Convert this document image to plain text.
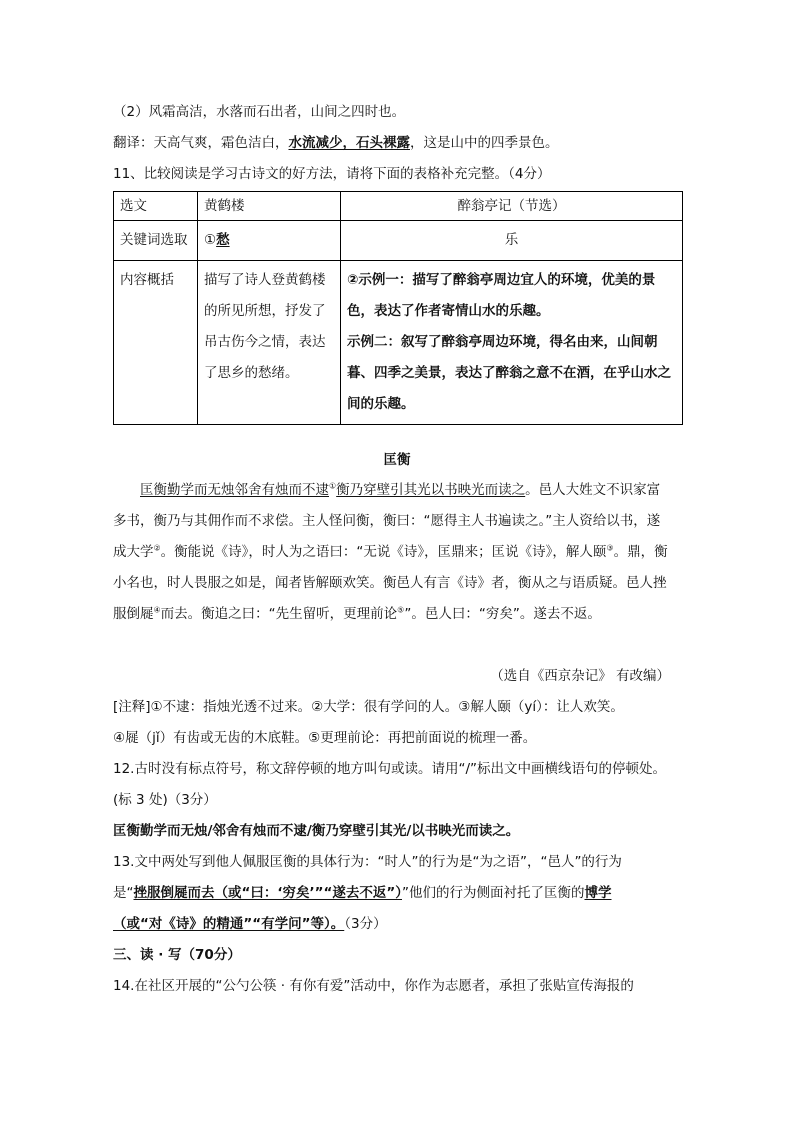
（2）风霜高洁，水落而石出者，山间之四时也。
翻译：天高气爽，霜色洁白，水流减少，石头裸露，这是山中的四季景色。
11、比较阅读是学习古诗文的好方法，请将下面的表格补充完整。（4分）
选文	黄鹤楼	醉翁亭记（节选）
关键词选取	①愁	乐
内容概括	描写了诗人登黄鹤楼的所见所想，抒发了吊古伤今之情，表达了思乡的愁绪。	②示例一：描写了醉翁亭周边宜人的环境，优美的景色，表达了作者寄情山水的乐趣。
示例二：叙写了醉翁亭周边环境，得名由来，山间朝暮、四季之美景，表达了醉翁之意不在酒，在乎山水之间的乐趣。
匡衡
匡衡勤学而无烛邻舍有烛而不逮①衡乃穿壁引其光以书映光而读之。邑人大姓文不识家富多书，衡乃与其佣作而不求偿。主人怪问衡，衡曰：“愿得主人书遍读之。”主人资给以书，遂成大学②。衡能说《诗》，时人为之语曰：“无说《诗》，匡鼎来；匡说《诗》，解人颐③。鼎，衡小名也，时人畏服之如是，闻者皆解颐欢笑。衡邑人有言《诗》者，衡从之与语质疑。邑人挫服倒屣④而去。衡追之曰：“先生留听，更理前论⑤”。邑人曰：“穷矣”。遂去不返。
（选自《西京杂记》 有改编）
[注释]①不逮：指烛光透不过来。②大学：很有学问的人。③解人颐（yí）：让人欢笑。
④屣（jǐ）有齿或无齿的木底鞋。⑤更理前论：再把前面说的梳理一番。
12.古时没有标点符号，称文辞停顿的地方叫句或读。请用“/”标出文中画横线语句的停顿处。(标 3 处)（3分）
匡衡勤学而无烛/邻舍有烛而不逮/衡乃穿壁引其光/以书映光而读之。
13.文中两处写到他人佩服匡衡的具体行为：“时人”的行为是“为之语”，“邑人”的行为
是“挫服倒屣而去（或“曰：‘穷矣’”“遂去不返”）”他们的行为侧面衬托了匡衡的博学
（或“对《诗》的精通”“有学问”等）。（3分）
三、读 · 写（70分）
14.在社区开展的“公勺公筷 · 有你有爱”活动中，你作为志愿者，承担了张贴宣传海报的
